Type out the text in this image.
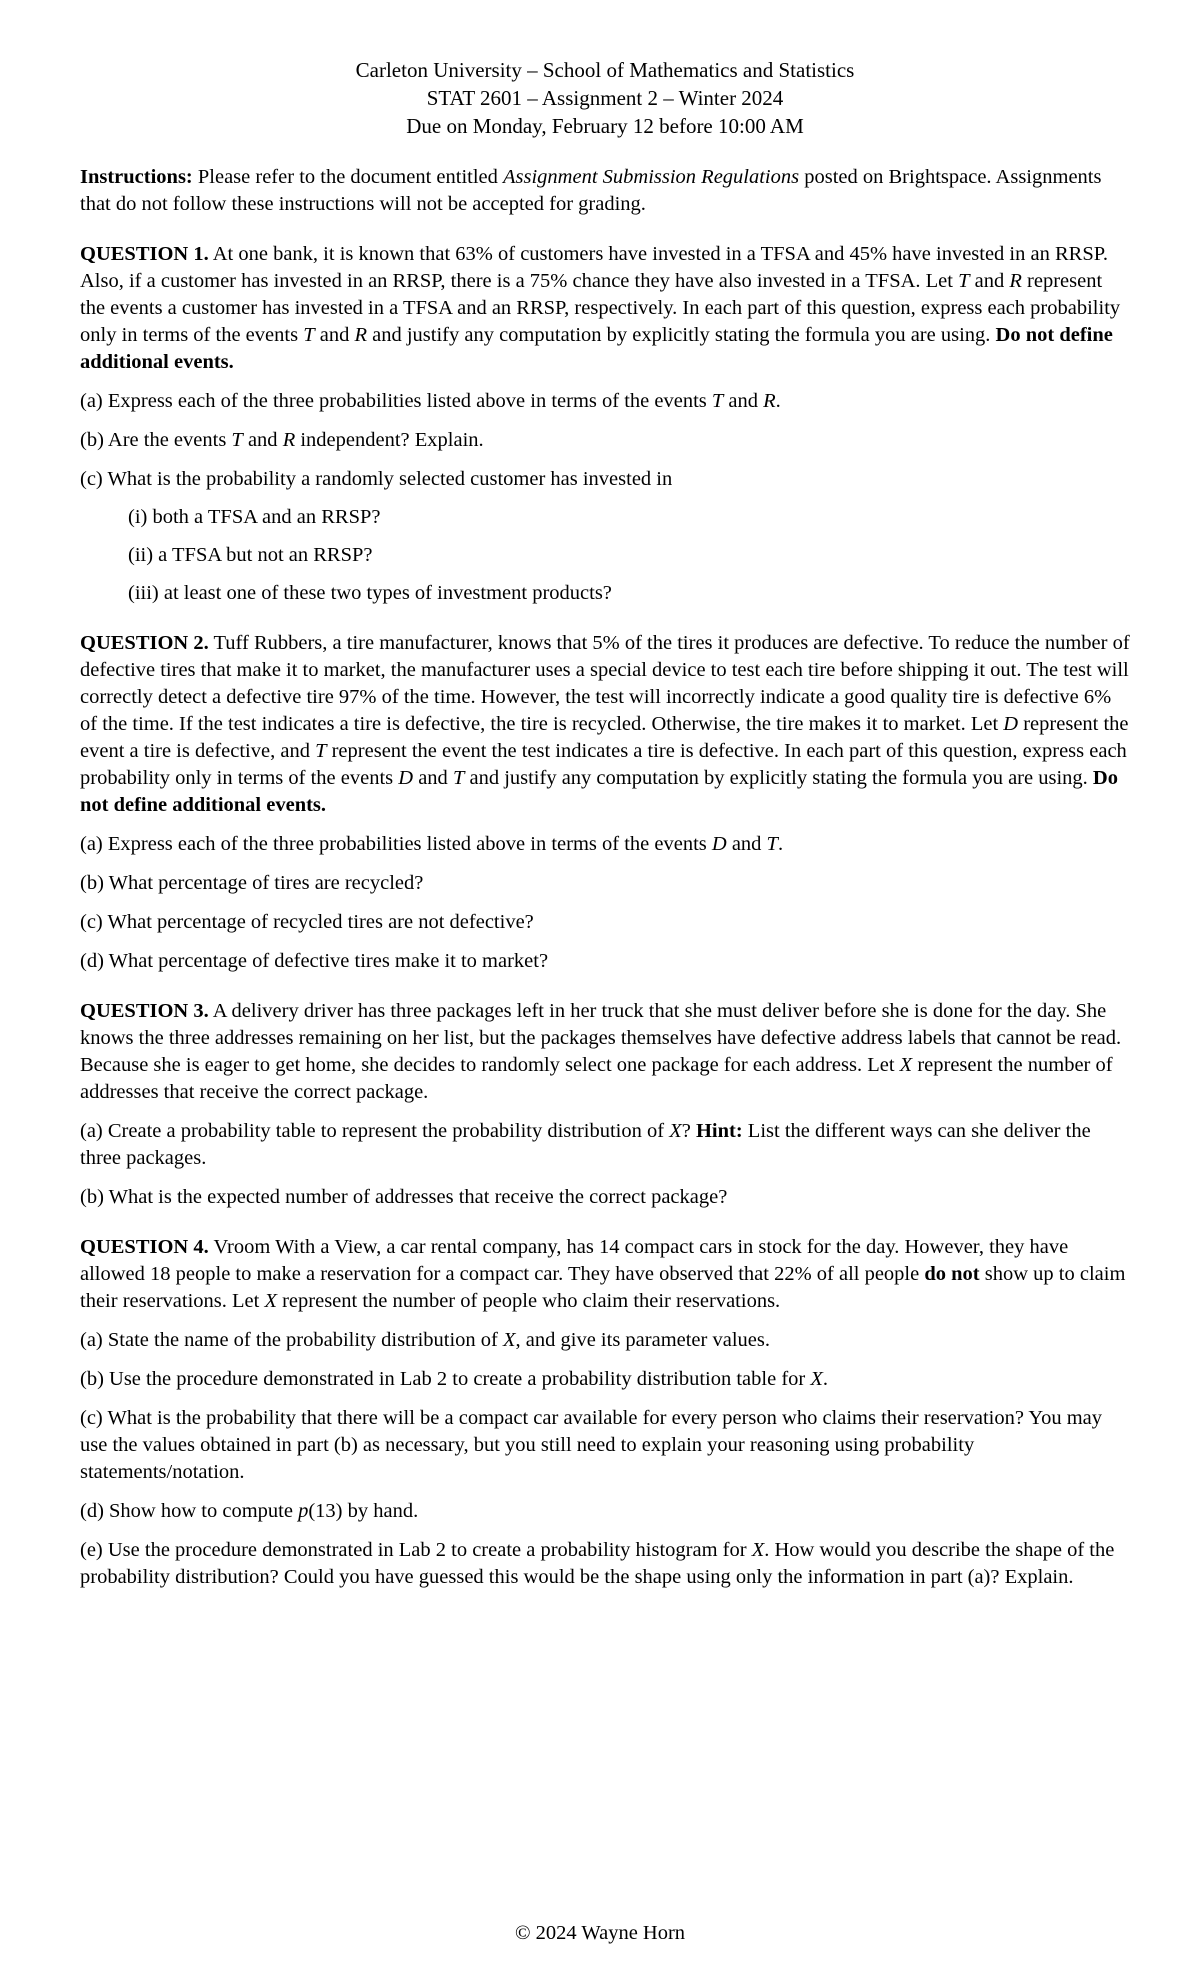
Carleton University – School of Mathematics and Statistics
STAT 2601 – Assignment 2 – Winter 2024
Due on Monday, February 12 before 10:00 AM

Instructions: Please refer to the document entitled Assignment Submission Regulations posted on Brightspace. Assignments that do not follow these instructions will not be accepted for grading.

QUESTION 1. At one bank, it is known that 63% of customers have invested in a TFSA and 45% have invested in an RRSP. Also, if a customer has invested in an RRSP, there is a 75% chance they have also invested in a TFSA. Let T and R represent the events a customer has invested in a TFSA and an RRSP, respectively. In each part of this question, express each probability only in terms of the events T and R and justify any computation by explicitly stating the formula you are using. Do not define additional events.

(a) Express each of the three probabilities listed above in terms of the events T and R.

(b) Are the events T and R independent? Explain.

(c) What is the probability a randomly selected customer has invested in

(i) both a TFSA and an RRSP?

(ii) a TFSA but not an RRSP?

(iii) at least one of these two types of investment products?

QUESTION 2. Tuff Rubbers, a tire manufacturer, knows that 5% of the tires it produces are defective. To reduce the number of defective tires that make it to market, the manufacturer uses a special device to test each tire before shipping it out. The test will correctly detect a defective tire 97% of the time. However, the test will incorrectly indicate a good quality tire is defective 6% of the time. If the test indicates a tire is defective, the tire is recycled. Otherwise, the tire makes it to market. Let D represent the event a tire is defective, and T represent the event the test indicates a tire is defective. In each part of this question, express each probability only in terms of the events D and T and justify any computation by explicitly stating the formula you are using. Do not define additional events.

(a) Express each of the three probabilities listed above in terms of the events D and T.

(b) What percentage of tires are recycled?

(c) What percentage of recycled tires are not defective?

(d) What percentage of defective tires make it to market?

QUESTION 3. A delivery driver has three packages left in her truck that she must deliver before she is done for the day. She knows the three addresses remaining on her list, but the packages themselves have defective address labels that cannot be read. Because she is eager to get home, she decides to randomly select one package for each address. Let X represent the number of addresses that receive the correct package.

(a) Create a probability table to represent the probability distribution of X? Hint: List the different ways can she deliver the three packages.

(b) What is the expected number of addresses that receive the correct package?

QUESTION 4. Vroom With a View, a car rental company, has 14 compact cars in stock for the day. However, they have allowed 18 people to make a reservation for a compact car. They have observed that 22% of all people do not show up to claim their reservations. Let X represent the number of people who claim their reservations.

(a) State the name of the probability distribution of X, and give its parameter values.

(b) Use the procedure demonstrated in Lab 2 to create a probability distribution table for X.

(c) What is the probability that there will be a compact car available for every person who claims their reservation? You may use the values obtained in part (b) as necessary, but you still need to explain your reasoning using probability statements/notation.

(d) Show how to compute p(13) by hand.

(e) Use the procedure demonstrated in Lab 2 to create a probability histogram for X. How would you describe the shape of the probability distribution? Could you have guessed this would be the shape using only the information in part (a)? Explain.

© 2024 Wayne Horn
